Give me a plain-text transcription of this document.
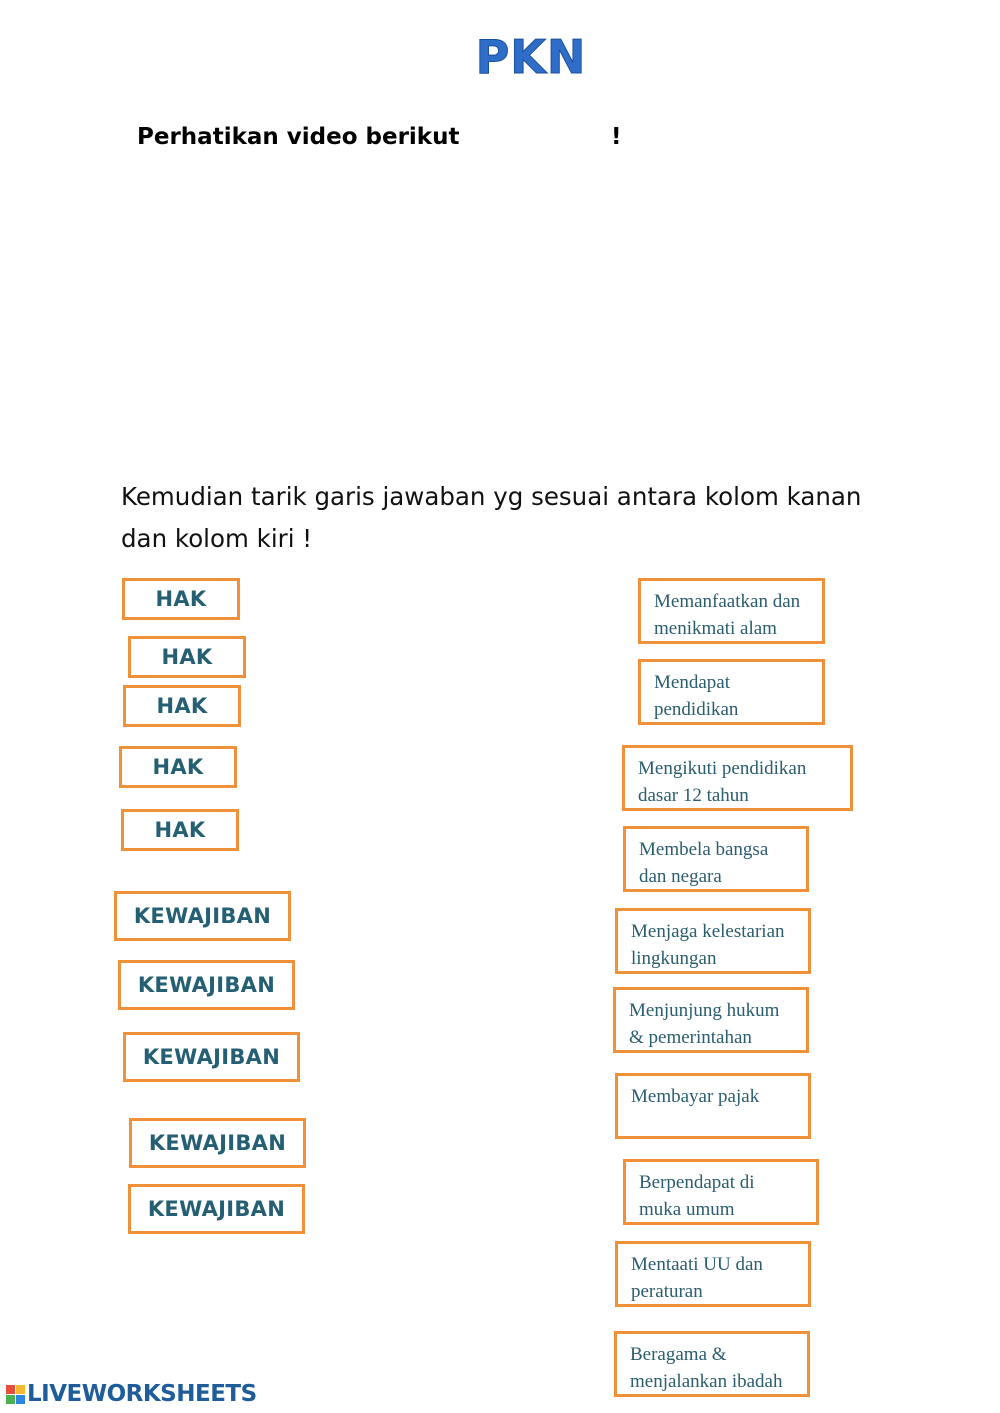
PKN
Perhatikan video berikut	!
Kemudian tarik garis jawaban yg sesuai antara kolom kanan dan kolom kiri !
HAK
HAK
HAK
HAK
HAK
KEWAJIBAN
KEWAJIBAN
KEWAJIBAN
KEWAJIBAN
KEWAJIBAN
Memanfaatkan dan menikmati alam
Mendapat pendidikan
Mengikuti pendidikan dasar 12 tahun
Membela bangsa dan negara
Menjaga kelestarian lingkungan
Menjunjung hukum & pemerintahan
Membayar pajak
Berpendapat di muka umum
Mentaati UU dan peraturan
Beragama & menjalankan ibadah
LIVEWORKSHEETS
